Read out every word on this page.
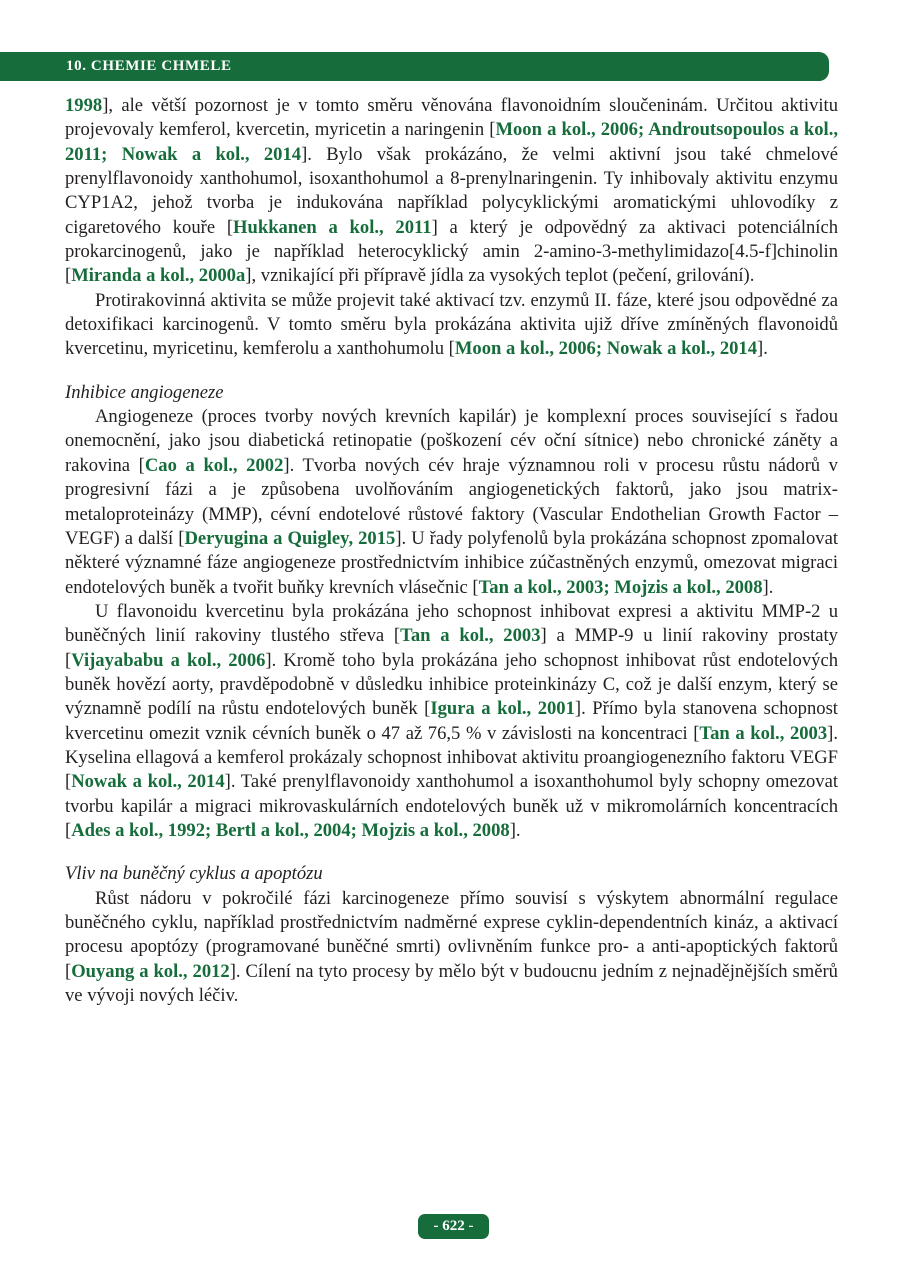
10. CHEMIE CHMELE

1998], ale větší pozornost je v tomto směru věnována flavonoidním sloučeninám. Určitou aktivitu projevovaly kemferol, kvercetin, myricetin a naringenin [Moon a kol., 2006; Androutsopoulos a kol., 2011; Nowak a kol., 2014]. Bylo však prokázáno, že velmi aktivní jsou také chmelové prenylflavonoidy xanthohumol, isoxanthohumol a 8-prenylnaringenin. Ty inhibovaly aktivitu enzymu CYP1A2, jehož tvorba je indukována například polycyklickými aromatickými uhlovodíky z cigaretového kouře [Hukkanen a kol., 2011] a který je odpovědný za aktivaci potenciálních prokarcinogenů, jako je například heterocyklický amin 2-amino-3-methylimidazo[4.5-f]chinolin [Miranda a kol., 2000a], vznikající při přípravě jídla za vysokých teplot (pečení, grilování).

Protirakovinná aktivita se může projevit také aktivací tzv. enzymů II. fáze, které jsou odpovědné za detoxifikaci karcinogenů. V tomto směru byla prokázána aktivita ujiž dříve zmíněných flavonoidů kvercetinu, myricetinu, kemferolu a xanthohumolu [Moon a kol., 2006; Nowak a kol., 2014].

Inhibice angiogeneze

Angiogeneze (proces tvorby nových krevních kapilár) je komplexní proces související s řadou onemocnění, jako jsou diabetická retinopatie (poškození cév oční sítnice) nebo chronické záněty a rakovina [Cao a kol., 2002]. Tvorba nových cév hraje významnou roli v procesu růstu nádorů v progresivní fázi a je způsobena uvolňováním angiogenetických faktorů, jako jsou matrix-metaloproteinázy (MMP), cévní endotelové růstové faktory (Vascular Endothelian Growth Factor – VEGF) a další [Deryugina a Quigley, 2015]. U řady polyfenolů byla prokázána schopnost zpomalovat některé významné fáze angiogeneze prostřednictvím inhibice zúčastněných enzymů, omezovat migraci endotelových buněk a tvořit buňky krevních vlásečnic [Tan a kol., 2003; Mojzis a kol., 2008].

U flavonoidu kvercetinu byla prokázána jeho schopnost inhibovat expresi a aktivitu MMP-2 u buněčných linií rakoviny tlustého střeva [Tan a kol., 2003] a MMP-9 u linií rakoviny prostaty [Vijayababu a kol., 2006]. Kromě toho byla prokázána jeho schopnost inhibovat růst endotelových buněk hovězí aorty, pravděpodobně v důsledku inhibice proteinkinázy C, což je další enzym, který se významně podílí na růstu endotelových buněk [Igura a kol., 2001]. Přímo byla stanovena schopnost kvercetinu omezit vznik cévních buněk o 47 až 76,5 % v závislosti na koncentraci [Tan a kol., 2003]. Kyselina ellagová a kemferol prokázaly schopnost inhibovat aktivitu proangiogenezního faktoru VEGF [Nowak a kol., 2014]. Také prenylflavonoidy xanthohumol a isoxanthohumol byly schopny omezovat tvorbu kapilár a migraci mikrovaskulárních endotelových buněk už v mikromolárních koncentracích [Ades a kol., 1992; Bertl a kol., 2004; Mojzis a kol., 2008].

Vliv na buněčný cyklus a apoptózu

Růst nádoru v pokročilé fázi karcinogeneze přímo souvisí s výskytem abnormální regulace buněčného cyklu, například prostřednictvím nadměrné exprese cyklin-dependentních kináz, a aktivací procesu apoptózy (programované buněčné smrti) ovlivněním funkce pro- a anti-apoptických faktorů [Ouyang a kol., 2012]. Cílení na tyto procesy by mělo být v budoucnu jedním z nejnadějnějších směrů ve vývoji nových léčiv.

- 622 -
